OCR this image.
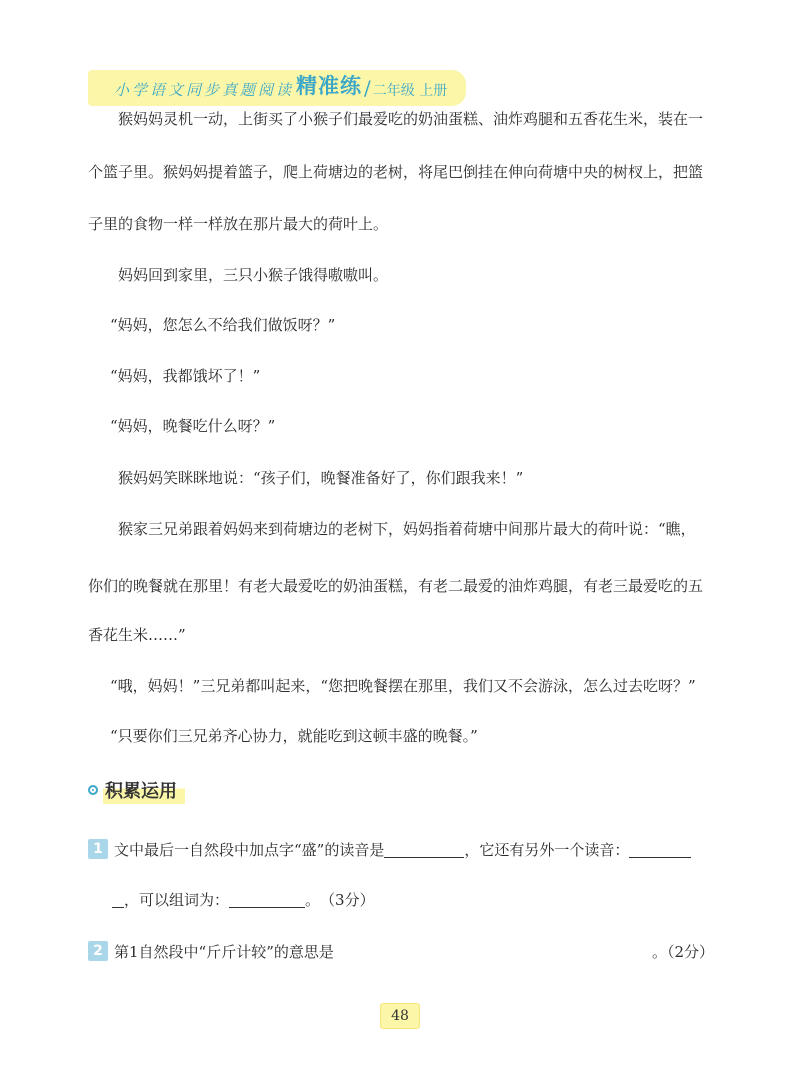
小学语文同步真题阅读 精准练 / 二年级 上册
猴妈妈灵机一动，上街买了小猴子们最爱吃的奶油蛋糕、油炸鸡腿和五香花生米，装在一
个篮子里。猴妈妈提着篮子，爬上荷塘边的老树，将尾巴倒挂在伸向荷塘中央的树杈上，把篮
子里的食物一样一样放在那片最大的荷叶上。
妈妈回到家里，三只小猴子饿得嗷嗷叫。
“妈妈，您怎么不给我们做饭呀？”
“妈妈，我都饿坏了！”
“妈妈，晚餐吃什么呀？”
猴妈妈笑眯眯地说：“孩子们，晚餐准备好了，你们跟我来！”
猴家三兄弟跟着妈妈来到荷塘边的老树下，妈妈指着荷塘中间那片最大的荷叶说：“瞧，
你们的晚餐就在那里！有老大最爱吃的奶油蛋糕，有老二最爱的油炸鸡腿，有老三最爱吃的五
香花生米……”
“哦，妈妈！”三兄弟都叫起来，“您把晚餐摆在那里，我们又不会游泳，怎么过去吃呀？”
“只要你们三兄弟齐心协力，就能吃到这顿丰盛的晚餐。”
积累运用
1 文中最后一自然段中加点字“盛”的读音是	，它还有另外一个读音：
，可以组词为：	。 （3分）
2 第1自然段中“斤斤计较”的意思是	。（2分）
48
